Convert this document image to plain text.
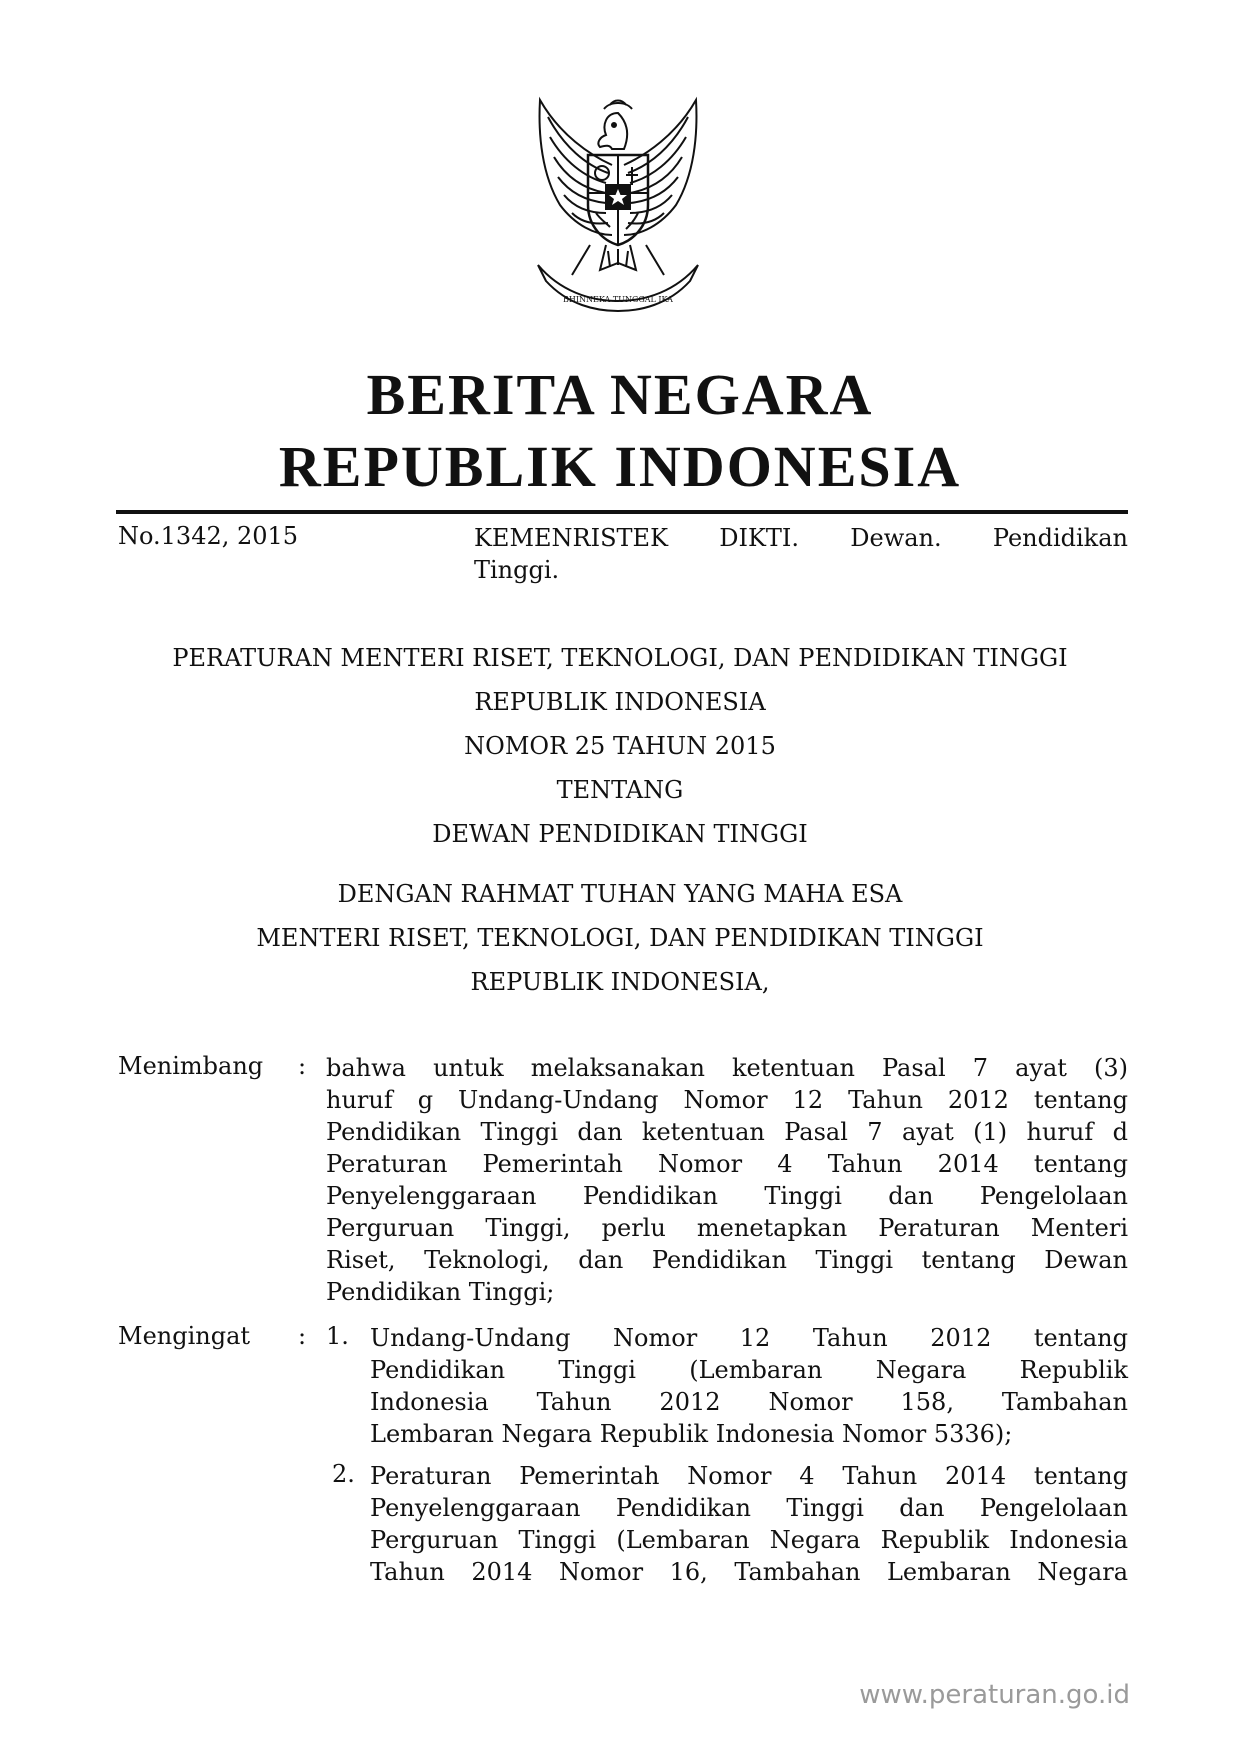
BHINNEKA TUNGGAL IKA
BERITA NEGARA
REPUBLIK INDONESIA
No.1342, 2015	KEMENRISTEK DIKTI. Dewan. Pendidikan
Tinggi.
PERATURAN MENTERI RISET, TEKNOLOGI, DAN PENDIDIKAN TINGGI
REPUBLIK INDONESIA
NOMOR 25 TAHUN 2015
TENTANG
DEWAN PENDIDIKAN TINGGI
DENGAN RAHMAT TUHAN YANG MAHA ESA
MENTERI RISET, TEKNOLOGI, DAN PENDIDIKAN TINGGI
REPUBLIK INDONESIA,
Menimbang : bahwa untuk melaksanakan ketentuan Pasal 7 ayat (3)
huruf g Undang-Undang Nomor 12 Tahun 2012 tentang
Pendidikan Tinggi dan ketentuan Pasal 7 ayat (1) huruf d
Peraturan Pemerintah Nomor 4 Tahun 2014 tentang
Penyelenggaraan Pendidikan Tinggi dan Pengelolaan
Perguruan Tinggi, perlu menetapkan Peraturan Menteri
Riset, Teknologi, dan Pendidikan Tinggi tentang Dewan
Pendidikan Tinggi;
Mengingat : 1. Undang-Undang Nomor 12 Tahun 2012 tentang
Pendidikan Tinggi (Lembaran Negara Republik
Indonesia Tahun 2012 Nomor 158, Tambahan
Lembaran Negara Republik Indonesia Nomor 5336);
2. Peraturan Pemerintah Nomor 4 Tahun 2014 tentang
Penyelenggaraan Pendidikan Tinggi dan Pengelolaan
Perguruan Tinggi (Lembaran Negara Republik Indonesia
Tahun 2014 Nomor 16, Tambahan Lembaran Negara
www.peraturan.go.id
